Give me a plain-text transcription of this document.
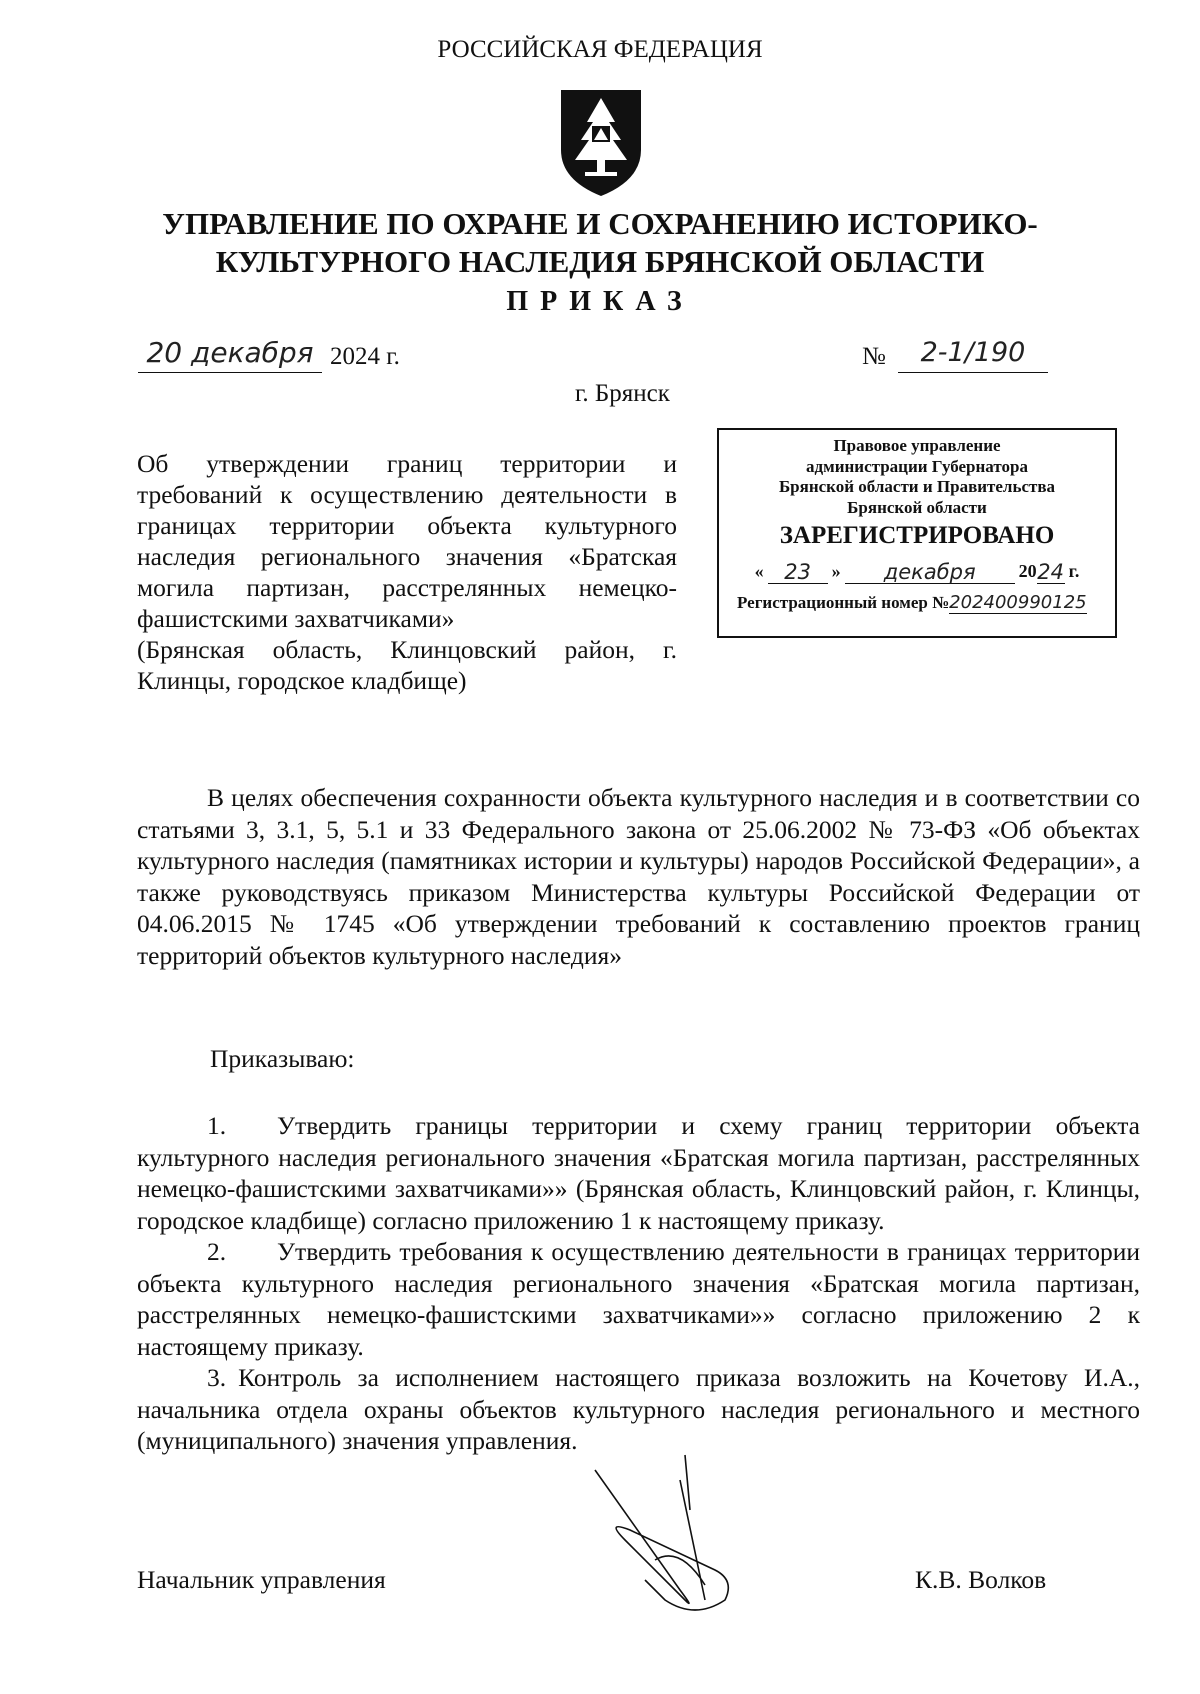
РОССИЙСКАЯ ФЕДЕРАЦИЯ
УПРАВЛЕНИЕ ПО ОХРАНЕ И СОХРАНЕНИЮ ИСТОРИКО-КУЛЬТУРНОГО НАСЛЕДИЯ БРЯНСКОЙ ОБЛАСТИ
ПРИКАЗ
20 декабря 2024 г.	№	2-1/190
г. Брянск

Об утверждении границ территории и требований к осуществлению деятельности в границах территории объекта культурного наследия регионального значения «Братская могила партизан, расстрелянных немецко-фашистскими захватчиками»

(Брянская область, Клинцовский район, г. Клинцы, городское кладбище)

Правовое управление
администрации Губернатора
Брянской области и Правительства
Брянской области
ЗАРЕГИСТРИРОВАНО
« 23	»	декабря	20 24 г.
Регистрационный номер №202400990125

В целях обеспечения сохранности объекта культурного наследия и в соответствии со статьями 3, 3.1, 5, 5.1 и 33 Федерального закона от 25.06.2002 № 73-ФЗ «Об объектах культурного наследия (памятниках истории и культуры) народов Российской Федерации», а также руководствуясь приказом Министерства культуры Российской Федерации от 04.06.2015 № 1745 «Об утверждении требований к составлению проектов границ территорий объектов культурного наследия»

Приказываю:

1. Утвердить границы территории и схему границ территории объекта культурного наследия регионального значения «Братская могила партизан, расстрелянных немецко-фашистскими захватчиками»» (Брянская область, Клинцовский район, г. Клинцы, городское кладбище) согласно приложению 1 к настоящему приказу.

2. Утвердить требования к осуществлению деятельности в границах территории объекта культурного наследия регионального значения «Братская могила партизан, расстрелянных немецко-фашистскими захватчиками»» согласно приложению 2 к настоящему приказу.

3. Контроль за исполнением настоящего приказа возложить на Кочетову И.А., начальника отдела охраны объектов культурного наследия регионального и местного (муниципального) значения управления.

Начальник управления	К.В. Волков
